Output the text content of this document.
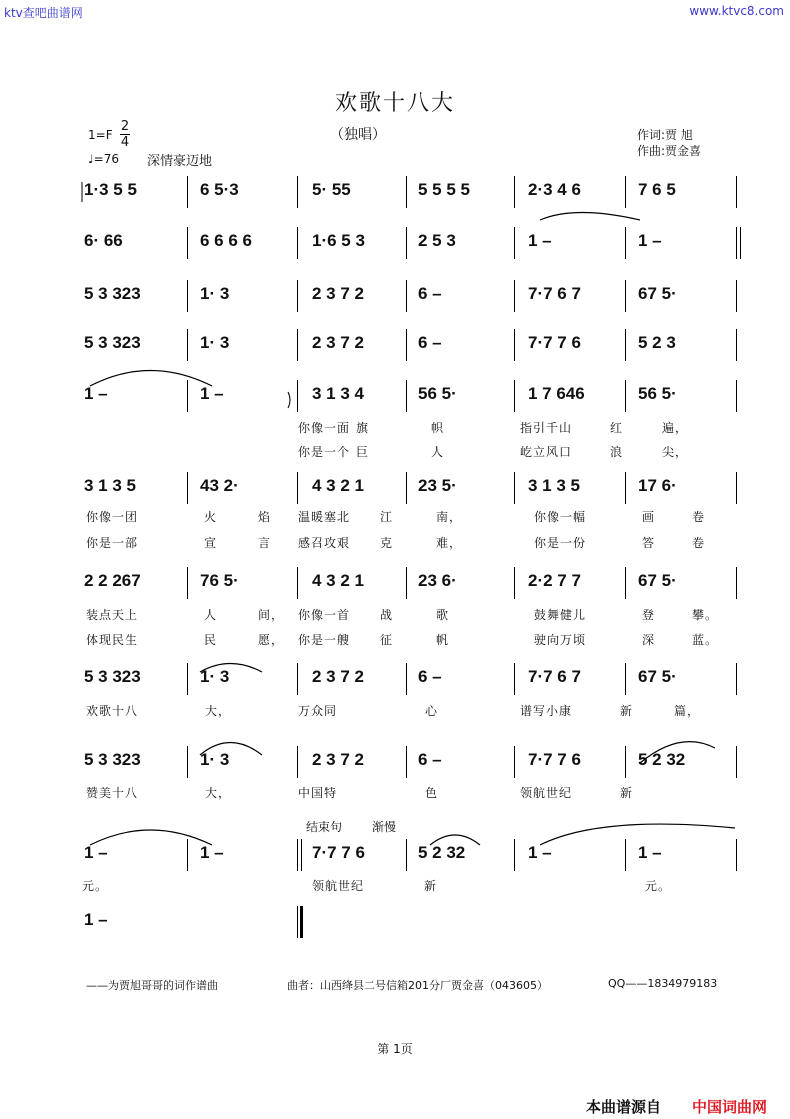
ktv查吧曲谱网	www.ktvc8.com
欢歌十八大
（独唱）	作词:贾 旭
作曲:贾金喜
$1=F \frac{2}{4}$
♩=76 深情豪迈地
1·3 5 5	6 5·3	5· 55	5 5 5 5	2·3 4 6	7 6 5
6· 66	6 6 6 6	1·6 5 3	2 5 3	1 –	1 –
5 3 323	1· 3	2 3 7 2	6 –	7·7 6 7	67 5·
5 3 323	1· 3	2 3 7 2	6 –	7·7 7 6	5 2 3
1 –	1 –	3 1 3 4	56 5·	1 7 646	56 5·
3 1 3 5	43 2·	4 3 2 1	23 5·	3 1 3 5	17 6·
2 2 267	76 5·	4 3 2 1	23 6·	2·2 7 7	67 5·
5 3 323	1· 3	2 3 7 2	6 –	7·7 6 7	67 5·
5 3 323	1· 3	2 3 7 2	6 –	7·7 7 6	5 2 32
1 –	1 –	7·7 7 6	5 2 32	1 –	1 –
1 –
你像一面 旗	帜	指引千山	红	遍，
你是一个 巨	人	屹立风口	浪	尖，
你像一团	火	焰 温暖塞北 江	南，	你像一幅	画	卷
你是一部	宣	言 感召攻艰 克	难，	你是一份	答	卷
装点天上	人	间， 你像一首 战	歌	鼓舞健儿	登	攀。
体现民生	民	愿， 你是一艘 征	帆	驶向万顷	深	蓝。
欢歌十八	大，	万众同	心	谱写小康	新	篇，
赞美十八	大，	中国特	色	领航世纪	新
元。	领航世纪	新	元。
结束句 渐慢
——为贾旭哥哥的词作谱曲	曲者：山西绛县二号信箱201分厂贾金喜（043605）	QQ——1834979183
第 1页
本曲谱源自 中国词曲网
